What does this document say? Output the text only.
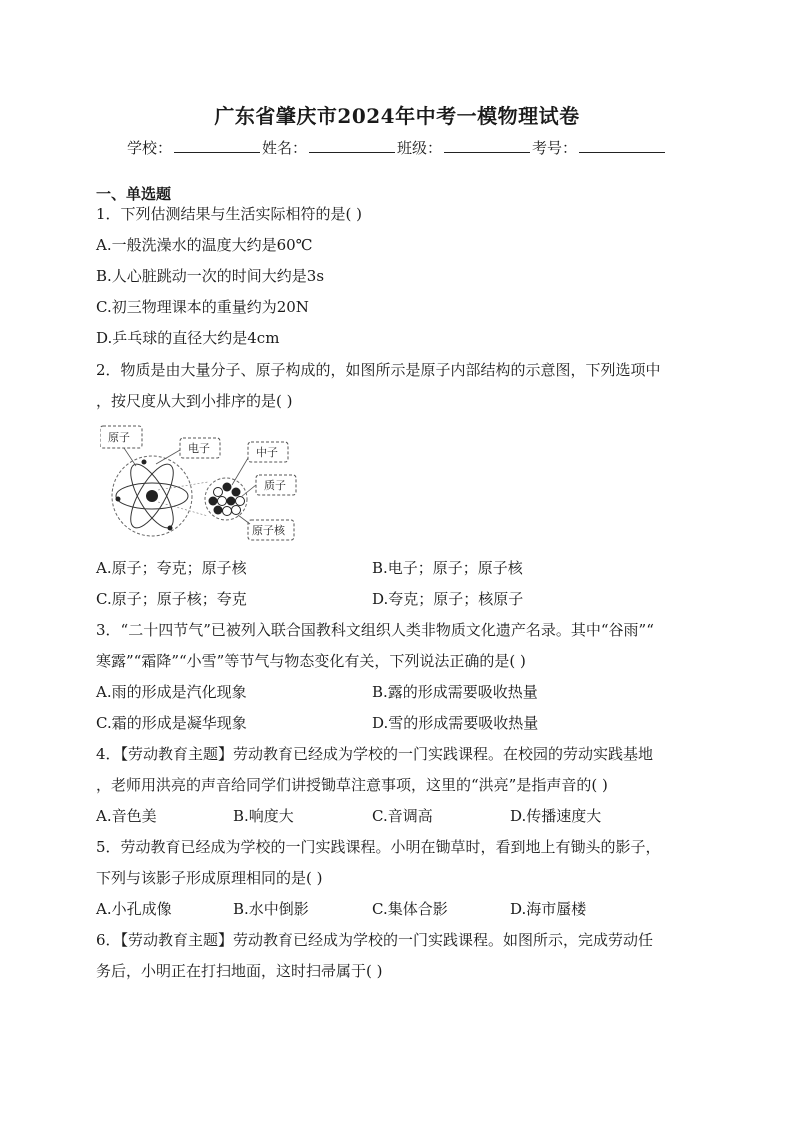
广东省肇庆市2024年中考一模物理试卷
学校：	姓名：	班级：	考号：
一、单选题
1．下列估测结果与生活实际相符的是( )
A.一般洗澡水的温度大约是60℃
B.人心脏跳动一次的时间大约是3s
C.初三物理课本的重量约为20N
D.乒乓球的直径大约是4cm
2．物质是由大量分子、原子构成的，如图所示是原子内部结构的示意图，下列选项中
，按尺度从大到小排序的是( )
原子
电子	中子
质子
原子核
A.原子；夸克；原子核	B.电子；原子；原子核
C.原子；原子核；夸克	D.夸克；原子；核原子
3．“二十四节气”已被列入联合国教科文组织人类非物质文化遗产名录。其中“谷雨”“
寒露”“霜降”“小雪”等节气与物态变化有关，下列说法正确的是( )
A.雨的形成是汽化现象	B.露的形成需要吸收热量
C.霜的形成是凝华现象	D.雪的形成需要吸收热量
4．【劳动教育主题】劳动教育已经成为学校的一门实践课程。在校园的劳动实践基地
，老师用洪亮的声音给同学们讲授锄草注意事项，这里的“洪亮”是指声音的( )
A.音色美	B.响度大	C.音调高	D.传播速度大
5．劳动教育已经成为学校的一门实践课程。小明在锄草时，看到地上有锄头的影子，
下列与该影子形成原理相同的是( )
A.小孔成像	B.水中倒影	C.集体合影	D.海市蜃楼
6．【劳动教育主题】劳动教育已经成为学校的一门实践课程。如图所示，完成劳动任
务后，小明正在打扫地面，这时扫帚属于( )
